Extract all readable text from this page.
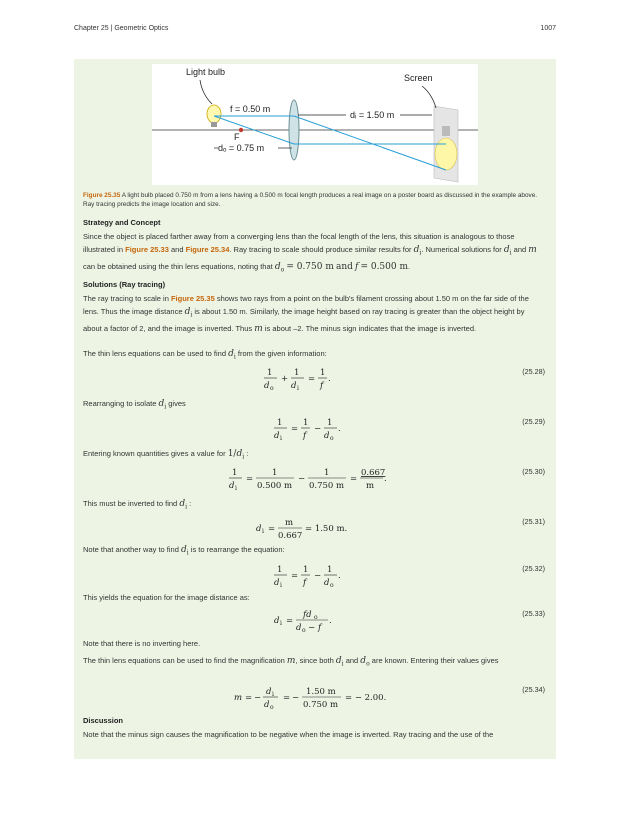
Chapter 25 | Geometric Optics	1007
F
Light bulb
Screen
f = 0.50 m
dᵢ = 1.50 m
dₒ = 0.75 m
Figure 25.35 A light bulb placed 0.750 m from a lens having a 0.500 m focal length produces a real image on a poster board as discussed in the example above. Ray tracing predicts the image location and size.
Strategy and Concept
Since the object is placed farther away from a converging lens than the focal length of the lens, this situation is analogous to those illustrated in Figure 25.33 and Figure 25.34. Ray tracing to scale should produce similar results for $d_i$. Numerical solutions for $d_i$ and m can be obtained using the thin lens equations, noting that $d_o = 0.750$ m and f = 0.500 m.
Solutions (Ray tracing)
The ray tracing to scale in Figure 25.35 shows two rays from a point on the bulb's filament crossing about 1.50 m on the far side of the lens. Thus the image distance $d_i$ is about 1.50 m. Similarly, the image height based on ray tracing is greater than the object height by about a factor of 2, and the image is inverted. Thus m is about –2. The minus sign indicates that the image is inverted.
The thin lens equations can be used to find $d_i$ from the given information:
1
d o
+
1
d i
=
1
f
.
(25.28)
Rearranging to isolate $d_i$ gives
1
d i
=
1
f
−
1
d o
.
(25.29)
Entering known quantities gives a value for $1/d_i$ :
1
d i
=
1
0.500 m
−
1
0.750 m
=
0.667
m
.
(25.30)
This must be inverted to find $d_i$ :
d i =
m
0.667
= 1.50 m.
(25.31)
Note that another way to find $d_i$ is to rearrange the equation:
1
d i
=
1
f
−
1
d o
.
(25.32)
This yields the equation for the image distance as:
d i =
fd o
d o − f
.
(25.33)
Note that there is no inverting here.
The thin lens equations can be used to find the magnification m, since both $d_i$ and $d_o$ are known. Entering their values gives
m = −
d i
d o
= −
1.50 m
0.750 m
= − 2.00.
(25.34)
Discussion
Note that the minus sign causes the magnification to be negative when the image is inverted. Ray tracing and the use of the
